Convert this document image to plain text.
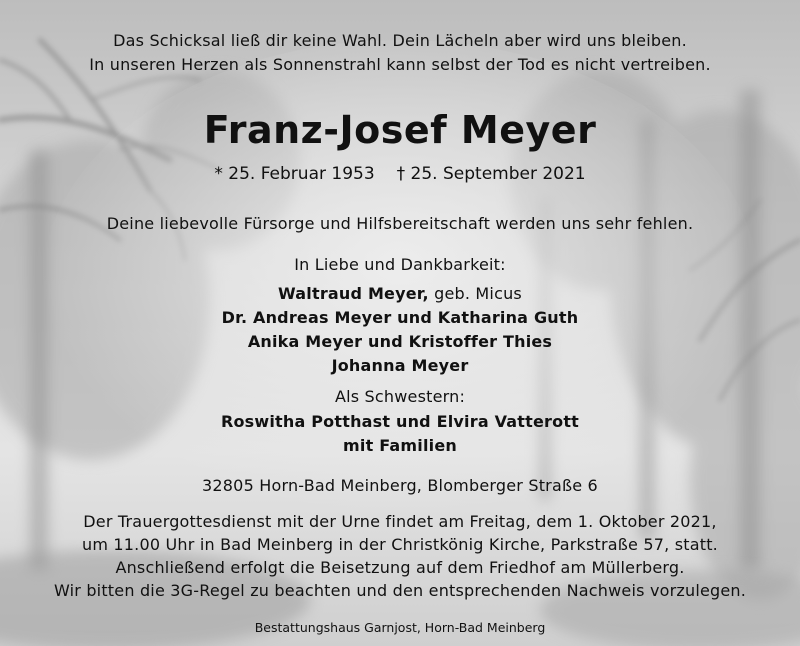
Das Schicksal ließ dir keine Wahl. Dein Lächeln aber wird uns bleiben.
In unseren Herzen als Sonnenstrahl kann selbst der Tod es nicht vertreiben.
Franz-Josef Meyer
* 25. Februar 1953 † 25. September 2021
Deine liebevolle Fürsorge und Hilfsbereitschaft werden uns sehr fehlen.
In Liebe und Dankbarkeit:
Waltraud Meyer, geb. Micus
Dr. Andreas Meyer und Katharina Guth
Anika Meyer und Kristoffer Thies
Johanna Meyer
Als Schwestern:
Roswitha Potthast und Elvira Vatterott
mit Familien
32805 Horn-Bad Meinberg, Blomberger Straße 6
Der Trauergottesdienst mit der Urne findet am Freitag, dem 1. Oktober 2021,
um 11.00 Uhr in Bad Meinberg in der Christkönig Kirche, Parkstraße 57, statt.
Anschließend erfolgt die Beisetzung auf dem Friedhof am Müllerberg.
Wir bitten die 3G-Regel zu beachten und den entsprechenden Nachweis vorzulegen.
Bestattungshaus Garnjost, Horn-Bad Meinberg
